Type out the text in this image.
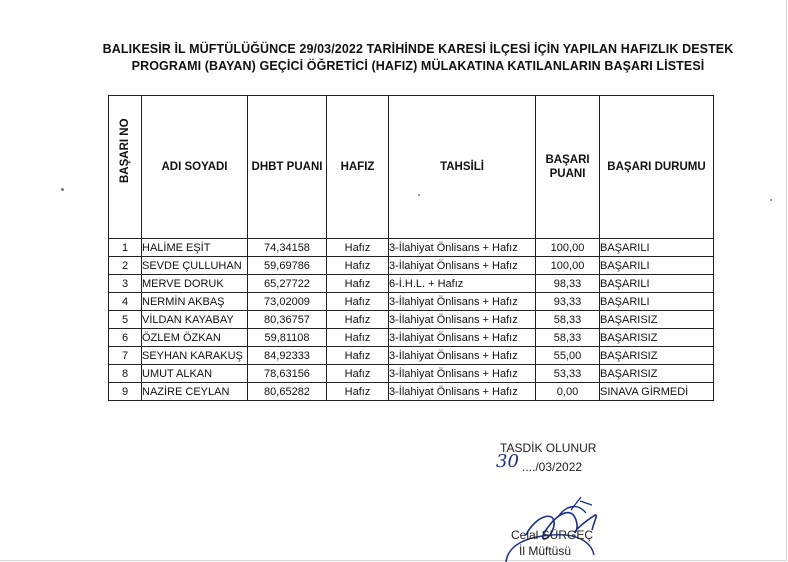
BALIKESİR İL MÜFTÜLÜĞÜNCE 29/03/2022 TARİHİNDE KARESİ İLÇESİ İÇİN YAPILAN HAFIZLIK DESTEK
PROGRAMI (BAYAN) GEÇİCİ ÖĞRETİCİ (HAFIZ) MÜLAKATINA KATILANLARIN BAŞARI LİSTESİ
BAŞARI NO	ADI SOYADI	DHBT PUANI	HAFIZ	TAHSİLİ	BAŞARI PUANI	BAŞARI DURUMU
1	HALİME EŞİT	74,34158	Hafız	3-İlahiyat Önlisans + Hafız	100,00	BAŞARILI
2	SEVDE ÇULLUHAN	59,69786	Hafız	3-İlahiyat Önlisans + Hafız	100,00	BAŞARILI
3	MERVE DORUK	65,27722	Hafız	6-İ.H.L. + Hafız	98,33	BAŞARILI
4	NERMİN AKBAŞ	73,02009	Hafız	3-İlahiyat Önlisans + Hafız	93,33	BAŞARILI
5	VİLDAN KAYABAY	80,36757	Hafız	3-İlahiyat Önlisans + Hafız	58,33	BAŞARISIZ
6	ÖZLEM ÖZKAN	59,81108	Hafız	3-İlahiyat Önlisans + Hafız	58,33	BAŞARISIZ
7	SEYHAN KARAKUŞ	84,92333	Hafız	3-İlahiyat Önlisans + Hafız	55,00	BAŞARISIZ
8	UMUT ALKAN	78,63156	Hafız	3-İlahiyat Önlisans + Hafız	53,33	BAŞARISIZ
9	NAZİRE CEYLAN	80,65282	Hafız	3-İlahiyat Önlisans + Hafız	0,00	SINAVA GİRMEDİ
TASDİK OLUNUR
30 ..../03/2022
Celal SÜRGEÇ
İl Müftüsü
